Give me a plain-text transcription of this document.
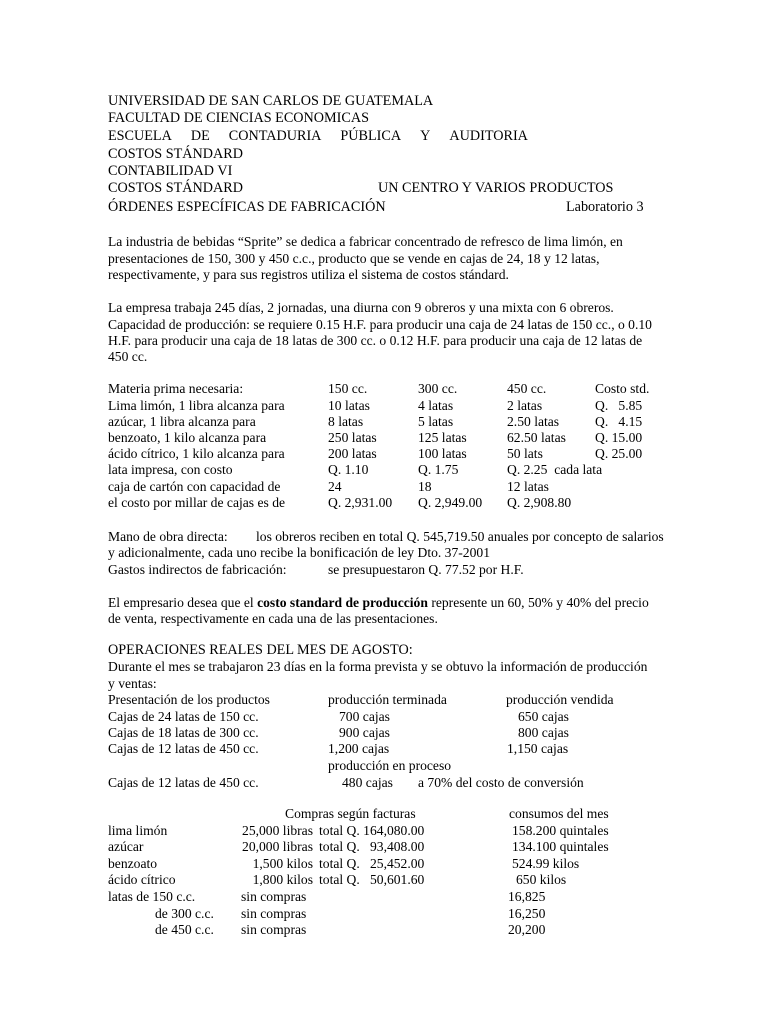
UNIVERSIDAD DE SAN CARLOS DE GUATEMALA
FACULTAD DE CIENCIAS ECONOMICAS
ESCUELA DE CONTADURIA PÚBLICA Y AUDITORIA
COSTOS STÁNDARD
CONTABILIDAD VI
COSTOS STÁNDARD	UN CENTRO Y VARIOS PRODUCTOS
ÓRDENES ESPECÍFICAS DE FABRICACIÓN	Laboratorio 3
La industria de bebidas “Sprite” se dedica a fabricar concentrado de refresco de lima limón, en
presentaciones de 150, 300 y 450 c.c., producto que se vende en cajas de 24, 18 y 12 latas,
respectivamente, y para sus registros utiliza el sistema de costos stándard.
La empresa trabaja 245 días, 2 jornadas, una diurna con 9 obreros y una mixta con 6 obreros.
Capacidad de producción: se requiere 0.15 H.F. para producir una caja de 24 latas de 150 cc., o 0.10
H.F. para producir una caja de 18 latas de 300 cc. o 0.12 H.F. para producir una caja de 12 latas de
450 cc.
Materia prima necesaria:	150 cc.	300 cc.	450 cc.	Costo std.
Lima limón, 1 libra alcanza para	10 latas	4 latas	2 latas	Q.   5.85
azúcar, 1 libra alcanza para	8 latas	5 latas	2.50 latas	Q.   4.15
benzoato, 1 kilo alcanza para	250 latas	125 latas	62.50 latas Q. 15.00
ácido cítrico, 1 kilo alcanza para	200 latas	100 latas	50 lats	Q. 25.00
lata impresa, con costo	Q. 1.10	Q. 1.75	Q. 2.25  cada lata
caja de cartón con capacidad de	24	18	12 latas
el costo por millar de cajas es de	Q. 2,931.00 Q. 2,949.00 Q. 2,908.80
Mano de obra directa: los obreros reciben en total Q. 545,719.50 anuales por concepto de salarios
y adicionalmente, cada uno recibe la bonificación de ley Dto. 37-2001
Gastos indirectos de fabricación:	se presupuestaron Q. 77.52 por H.F.
El empresario desea que el costo standard de producción represente un 60, 50% y 40% del precio
de venta, respectivamente en cada una de las presentaciones.
OPERACIONES REALES DEL MES DE AGOSTO:
Durante el mes se trabajaron 23 días en la forma prevista y se obtuvo la información de producción
y ventas:
Presentación de los productos	producción terminada	producción vendida
Cajas de 24 latas de 150 cc.	700 cajas	650 cajas
Cajas de 18 latas de 300 cc.	900 cajas	800 cajas
Cajas de 12 latas de 450 cc.	1,200 cajas	1,150 cajas
producción en proceso
Cajas de 12 latas de 450 cc.	480 cajas a 70% del costo de conversión
Compras según facturas	consumos del mes
lima limón	25,000 libras total Q. 164,080.00	158.200 quintales
azúcar	20,000 libras total Q.   93,408.00	134.100 quintales
benzoato	1,500 kilos total Q.   25,452.00	524.99 kilos
ácido cítrico	1,800 kilos total Q.   50,601.60	650 kilos
latas de 150 c.c.	sin compras	16,825
de 300 c.c. sin compras	16,250
de 450 c.c. sin compras	20,200
